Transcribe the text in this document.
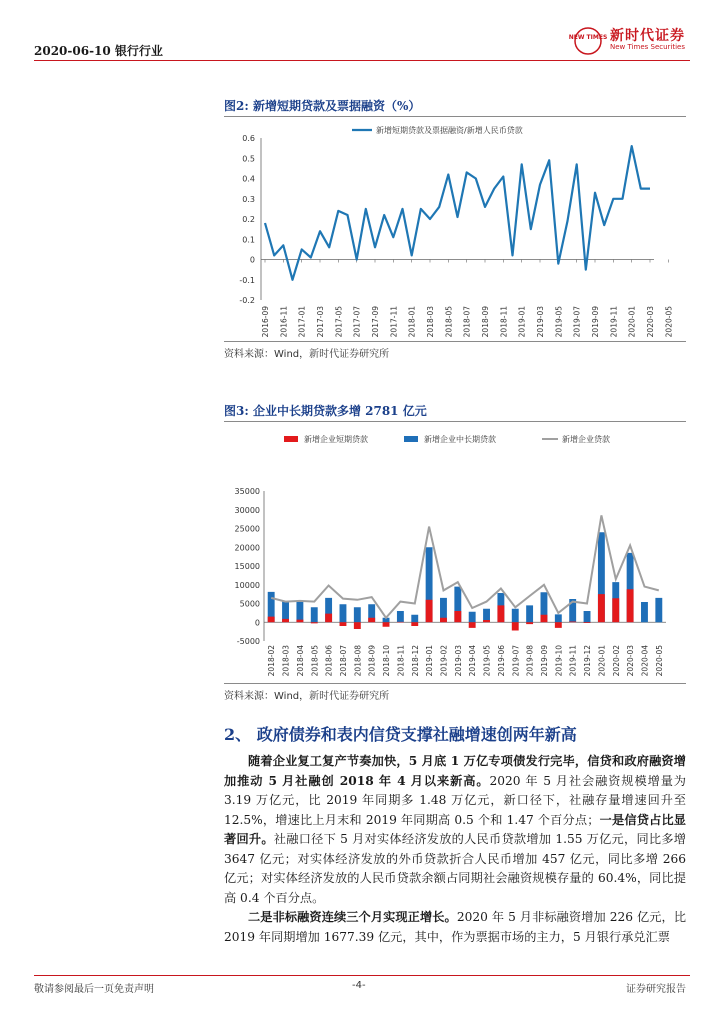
2020-06-10 银行行业
NEW TIMES 新时代证券
New Times Securities
图2: 新增短期贷款及票据融资（%）
0.6
0.5
0.4
0.3
0.2
0.1
0
-0.1
-0.2
2016-09 2016-11 2017-01 2017-03 2017-05 2017-07 2017-09 2017-11 2018-01 2018-03 2018-05 2018-07 2018-09 2018-11 2019-01 2019-03 2019-05 2019-07 2019-09 2019-11 2020-01 2020-03 2020-05
新增短期贷款及票据融资/新增人民币贷款
资料来源：Wind，新时代证券研究所
图3: 企业中长期贷款多增 2781 亿元
35000
30000
25000
20000
15000
10000
5000
0
-5000
2018-02 2018-03 2018-04 2018-05 2018-06 2018-07 2018-08 2018-09 2018-10 2018-11 2018-12 2019-01 2019-02 2019-03 2019-04 2019-05 2019-06 2019-07 2019-08 2019-09 2019-10 2019-11 2019-12 2020-01 2020-02 2020-03 2020-04 2020-05
新增企业短期贷款	新增企业中长期贷款	新增企业贷款
资料来源：Wind，新时代证券研究所
2、 政府债券和表内信贷支撑社融增速创两年新高

随着企业复工复产节奏加快，5 月底 1 万亿专项债发行完毕，信贷和政府融资增加推动 5 月社融创 2018 年 4 月以来新高。2020 年 5 月社会融资规模增量为 3.19 万亿元，比 2019 年同期多 1.48 万亿元，新口径下，社融存量增速回升至 12.5%，增速比上月末和 2019 年同期高 0.5 个和 1.47 个百分点；一是信贷占比显著回升。社融口径下 5 月对实体经济发放的人民币贷款增加 1.55 万亿元，同比多增 3647 亿元；对实体经济发放的外币贷款折合人民币增加 457 亿元，同比多增 266 亿元；对实体经济发放的人民币贷款余额占同期社会融资规模存量的 60.4%，同比提高 0.4 个百分点。

二是非标融资连续三个月实现正增长。2020 年 5 月非标融资增加 226 亿元，比 2019 年同期增加 1677.39 亿元，其中，作为票据市场的主力，5 月银行承兑汇票

敬请参阅最后一页免责声明	-4-	证券研究报告
